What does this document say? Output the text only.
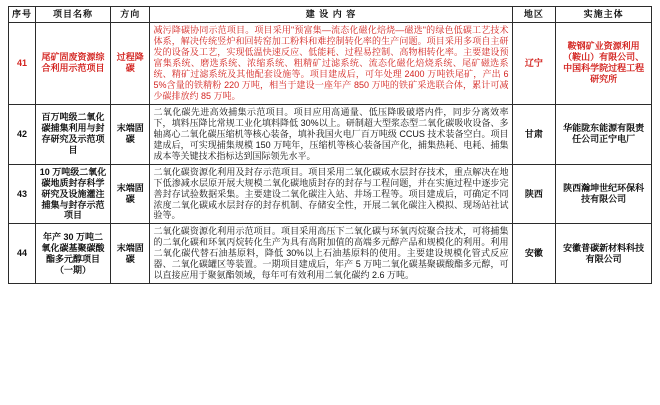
序号	项目名称	方向	建 设 内 容	地区	实施主体
41	尾矿固废资源综合利用示范项目	过程降碳	减污降碳协同示范项目。项目采用"预富集—流态化磁化焙烧—磁选"的绿色低碳工艺技术体系，解决传统竖炉和回转窑加工粉料和难控制转化率的生产问题。项目采用多项自主研发的设备及工艺，实现低温快速反应、低能耗、过程易控制、高物相转化率。主要建设预富集系统、磨选系统、浓缩系统、粗精矿过滤系统、流态化磁化焙烧系统、尾矿磁选系统、精矿过滤系统及其他配套设施等。项目建成后，可年处理 2400 万吨铁尾矿，产出 65%含量的铁精粉 220 万吨，相当于建设一座年产 850 万吨的铁矿采选联合体，累计可减少碳排放约 85 万吨。	辽宁	鞍钢矿业资源利用（鞍山）有限公司、中国科学院过程工程研究所
42	百万吨级二氧化碳捕集利用与封存研究及示范项目	末端固碳	二氧化碳先进高效捕集示范项目。项目应用高通量、低压降吸破塔内件，同步分离效率下，填料压降比常规工业化填料降低 30%以上。研制超大型浆态型二氧化碳吸收设备、多轴离心二氧化碳压缩机等核心装备，填补我国火电厂百万吨级 CCUS 技术装备空白。项目建成后，可实现捕集规模 150 万吨年，压缩机等核心装备国产化，捕集热耗、电耗、捕集成本等关键技术指标达到国际领先水平。	甘肃	华能陇东能源有限责任公司正宁电厂
43	10 万吨级二氧化碳地质封存科学研究及设施灌注捕集与封存示范项目	末端固碳	二氧化碳资源化利用及封存示范项目。项目采用二氧化碳咸水层封存技术，重点解决在地下低渗减水层原开展大规模二氧化碳地质封存的封存与工程问题，并在实施过程中逐步完善封存试验数据采集。主要建设二氧化碳注入站、井场工程等。项目建成后，可确定不同浓度二氧化碳咸水层封存的封存机制、存储安全性，开展二氧化碳注入模拟、现场站社试验等。	陕西	陕西瀚坤世纪环保科技有限公司
44	年产 30 万吨二氧化碳基聚碳酸酯多元醇项目（一期）	末端固碳	二氧化碳资源化利用示范项目。项目采用高压下二氧化碳与环氧丙烷聚合技术，可将捕集的二氧化碳和环氧丙烷转化生产为具有高附加值的高端多元醇产品和规模化的利用。利用二氧化碳代替石油基原料，降低 30%以上石油基原料的使用。主要建设规模化管式反应器、二氧化碳罐区等装置。一期项目建成后，年产 5 万吨二氧化碳基聚碳酸酯多元醇，可以直接应用于聚氨酯领域，每年可有效利用二氧化碳约 2.6 万吨。	安徽	安徽普碳新材料科技有限公司
